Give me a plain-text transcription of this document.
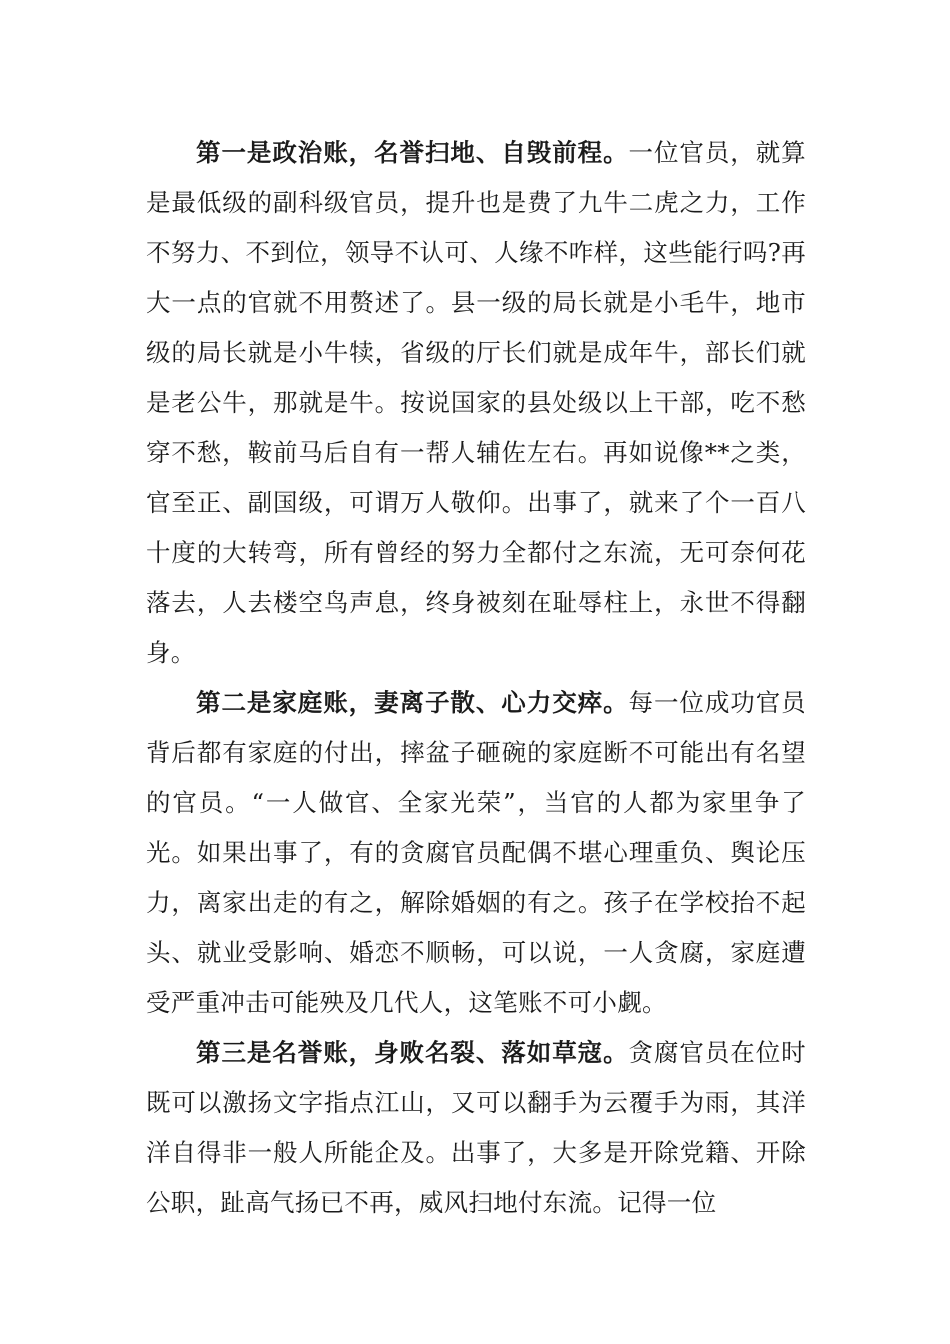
第一是政治账，名誉扫地、自毁前程。一位官员，就算是最低级的副科级官员，提升也是费了九牛二虎之力，工作不努力、不到位，领导不认可、人缘不咋样，这些能行吗?再大一点的官就不用赘述了。县一级的局长就是小毛牛，地市级的局长就是小牛犊，省级的厅长们就是成年牛，部长们就是老公牛，那就是牛。按说国家的县处级以上干部，吃不愁穿不愁，鞍前马后自有一帮人辅佐左右。再如说像**之类，官至正、副国级，可谓万人敬仰。出事了，就来了个一百八十度的大转弯，所有曾经的努力全都付之东流，无可奈何花落去，人去楼空鸟声息，终身被刻在耻辱柱上，永世不得翻身。

第二是家庭账，妻离子散、心力交瘁。每一位成功官员背后都有家庭的付出，摔盆子砸碗的家庭断不可能出有名望的官员。“一人做官、全家光荣”，当官的人都为家里争了光。如果出事了，有的贪腐官员配偶不堪心理重负、舆论压力，离家出走的有之，解除婚姻的有之。孩子在学校抬不起头、就业受影响、婚恋不顺畅，可以说，一人贪腐，家庭遭受严重冲击可能殃及几代人，这笔账不可小觑。

第三是名誉账，身败名裂、落如草寇。贪腐官员在位时既可以激扬文字指点江山，又可以翻手为云覆手为雨，其洋洋自得非一般人所能企及。出事了，大多是开除党籍、开除公职，趾高气扬已不再，威风扫地付东流。记得一位
